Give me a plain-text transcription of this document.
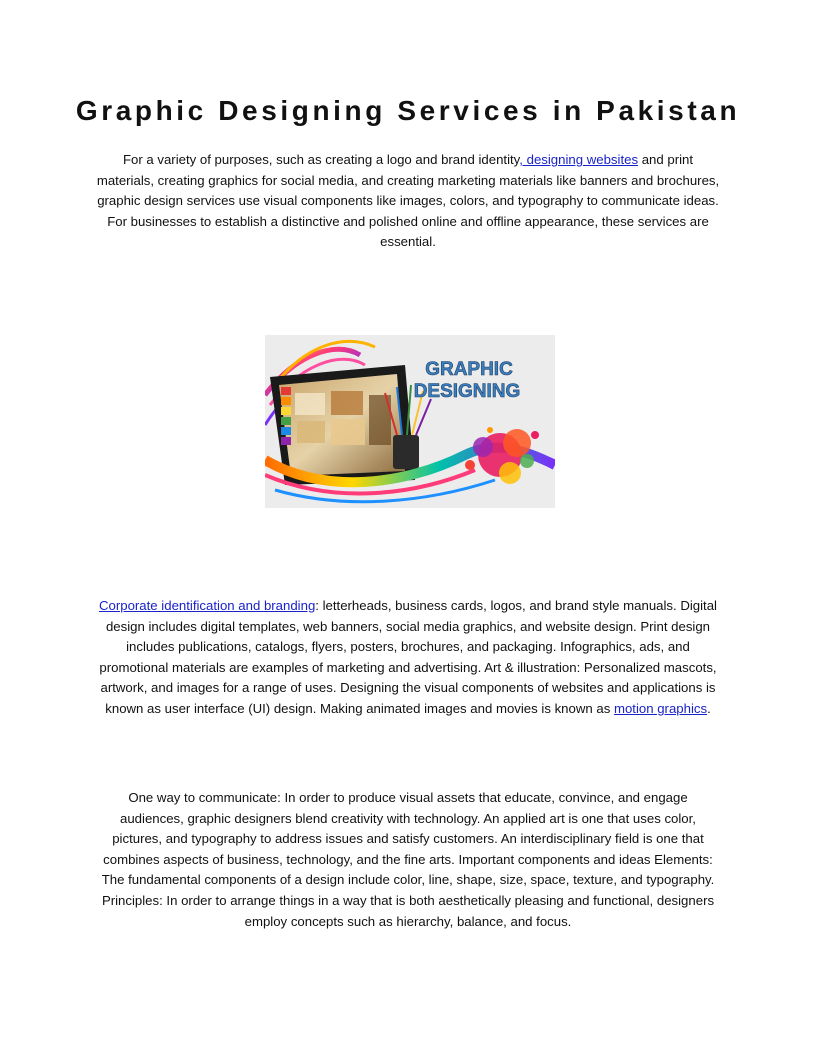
Graphic Designing Services in Pakistan

For a variety of purposes, such as creating a logo and brand identity, designing websites and print materials, creating graphics for social media, and creating marketing materials like banners and brochures, graphic design services use visual components like images, colors, and typography to communicate ideas. For businesses to establish a distinctive and polished online and offline appearance, these services are essential.

GRAPHIC
DESIGNING

Corporate identification and branding: letterheads, business cards, logos, and brand style manuals. Digital design includes digital templates, web banners, social media graphics, and website design. Print design includes publications, catalogs, flyers, posters, brochures, and packaging. Infographics, ads, and promotional materials are examples of marketing and advertising. Art & illustration: Personalized mascots, artwork, and images for a range of uses. Designing the visual components of websites and applications is known as user interface (UI) design. Making animated images and movies is known as motion graphics.

One way to communicate: In order to produce visual assets that educate, convince, and engage audiences, graphic designers blend creativity with technology. An applied art is one that uses color, pictures, and typography to address issues and satisfy customers. An interdisciplinary field is one that combines aspects of business, technology, and the fine arts. Important components and ideas Elements: The fundamental components of a design include color, line, shape, size, space, texture, and typography. Principles: In order to arrange things in a way that is both aesthetically pleasing and functional, designers employ concepts such as hierarchy, balance, and focus.
